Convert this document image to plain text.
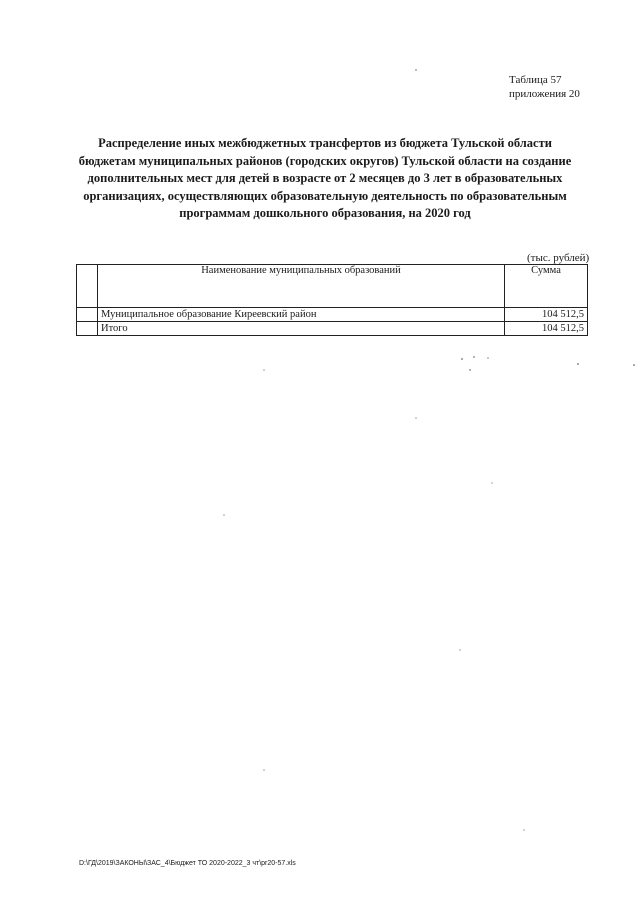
Таблица 57
приложения 20
Распределение иных межбюджетных трансфертов из бюджета Тульской области
бюджетам муниципальных районов (городских округов) Тульской области на создание
дополнительных мест для детей в возрасте от 2 месяцев до 3 лет в образовательных
организациях, осуществляющих образовательную деятельность по образовательным
программам дошкольного образования, на 2020 год
(тыс. рублей)
	Наименование муниципальных образований	Сумма
	Муниципальное образование Киреевский район	104 512,5
	Итого	104 512,5
D:\ГД\2019\ЗАКОНЫ\ЗАС_4\Бюджет ТО 2020-2022_3 чт\pr20-57.xls
